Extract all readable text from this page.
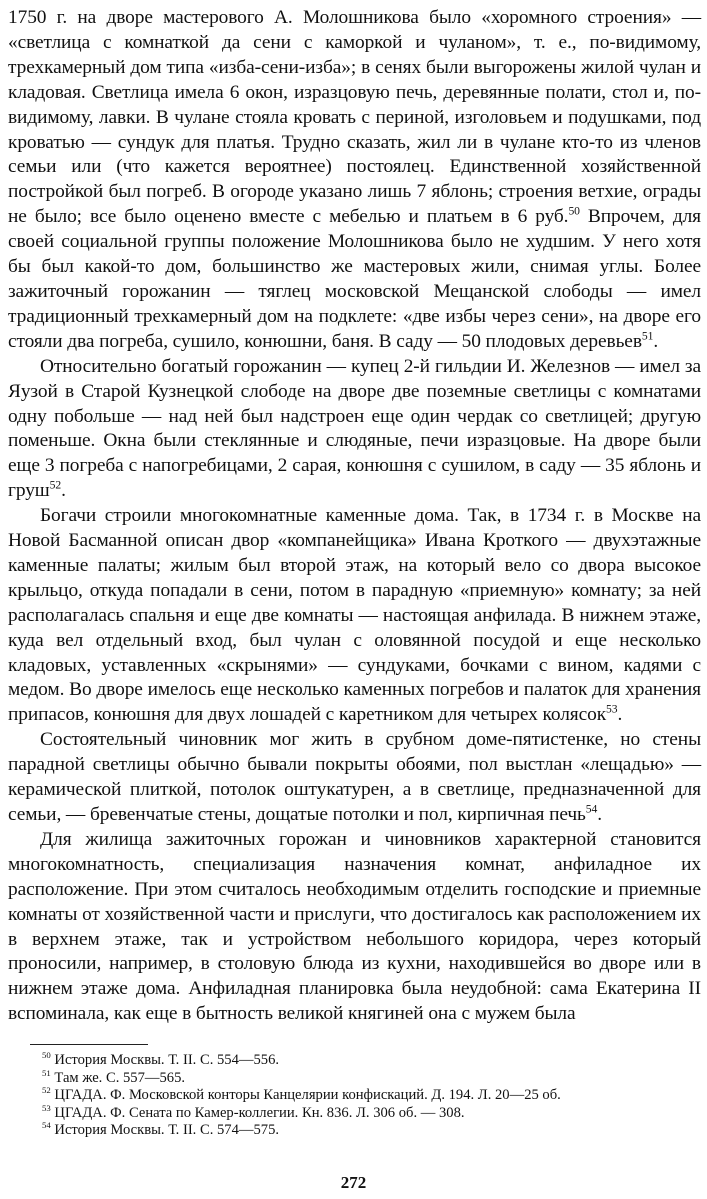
1750 г. на дворе мастерового А. Молошникова было «хоромного строения» — «светлица с комнаткой да сени с каморкой и чуланом», т. е., по-видимому, трехкамерный дом типа «изба-сени-изба»; в сенях были выгорожены жилой чулан и кладовая. Светлица имела 6 окон, изразцовую печь, деревянные полати, стол и, по-видимому, лавки. В чулане стояла кровать с периной, изголовьем и подушками, под кроватью — сундук для платья. Трудно сказать, жил ли в чулане кто-то из членов семьи или (что кажется вероятнее) постоялец. Единственной хозяйственной постройкой был погреб. В огороде указано лишь 7 яблонь; строения ветхие, ограды не было; все было оценено вместе с мебелью и платьем в 6 руб.$^{50}$ Впрочем, для своей социальной группы положение Молошникова было не худшим. У него хотя бы был какой-то дом, большинство же мастеровых жили, снимая углы. Более зажиточный горожанин — тяглец московской Мещанской слободы — имел традиционный трехкамерный дом на подклете: «две избы через сени», на дворе его стояли два погреба, сушило, конюшни, баня. В саду — 50 плодовых деревьев$^{51}$.

Относительно богатый горожанин — купец 2-й гильдии И. Железнов — имел за Яузой в Старой Кузнецкой слободе на дворе две поземные светлицы с комнатами одну побольше — над ней был надстроен еще один чердак со светлицей; другую поменьше. Окна были стеклянные и слюдяные, печи изразцовые. На дворе были еще 3 погреба с напогребицами, 2 сарая, конюшня с сушилом, в саду — 35 яблонь и груш$^{52}$.

Богачи строили многокомнатные каменные дома. Так, в 1734 г. в Москве на Новой Басманной описан двор «компанейщика» Ивана Кроткого — двухэтажные каменные палаты; жилым был второй этаж, на который вело со двора высокое крыльцо, откуда попадали в сени, потом в парадную «приемную» комнату; за ней располагалась спальня и еще две комнаты — настоящая анфилада. В нижнем этаже, куда вел отдельный вход, был чулан с оловянной посудой и еще несколько кладовых, уставленных «скрынями» — сундуками, бочками с вином, кадями с медом. Во дворе имелось еще несколько каменных погребов и палаток для хранения припасов, конюшня для двух лошадей с каретником для четырех колясок$^{53}$.

Состоятельный чиновник мог жить в срубном доме-пятистенке, но стены парадной светлицы обычно бывали покрыты обоями, пол выстлан «лещадью» — керамической плиткой, потолок оштукатурен, а в светлице, предназначенной для семьи, — бревенчатые стены, дощатые потолки и пол, кирпичная печь$^{54}$.

Для жилища зажиточных горожан и чиновников характерной становится многокомнатность, специализация назначения комнат, анфиладное их расположение. При этом считалось необходимым отделить господские и приемные комнаты от хозяйственной части и прислуги, что достигалось как расположением их в верхнем этаже, так и устройством небольшого коридора, через который проносили, например, в столовую блюда из кухни, находившейся во дворе или в нижнем этаже дома. Анфиладная планировка была неудобной: сама Екатерина II вспоминала, как еще в бытность великой княгиней она с мужем была

$^{50}$ История Москвы. Т. II. С. 554—556.

$^{51}$ Там же. С. 557—565.

$^{52}$ ЦГАДА. Ф. Московской конторы Канцелярии конфискаций. Д. 194. Л. 20—25 об.

$^{53}$ ЦГАДА. Ф. Сената по Камер-коллегии. Кн. 836. Л. 306 об. — 308.

$^{54}$ История Москвы. Т. II. С. 574—575.

272
